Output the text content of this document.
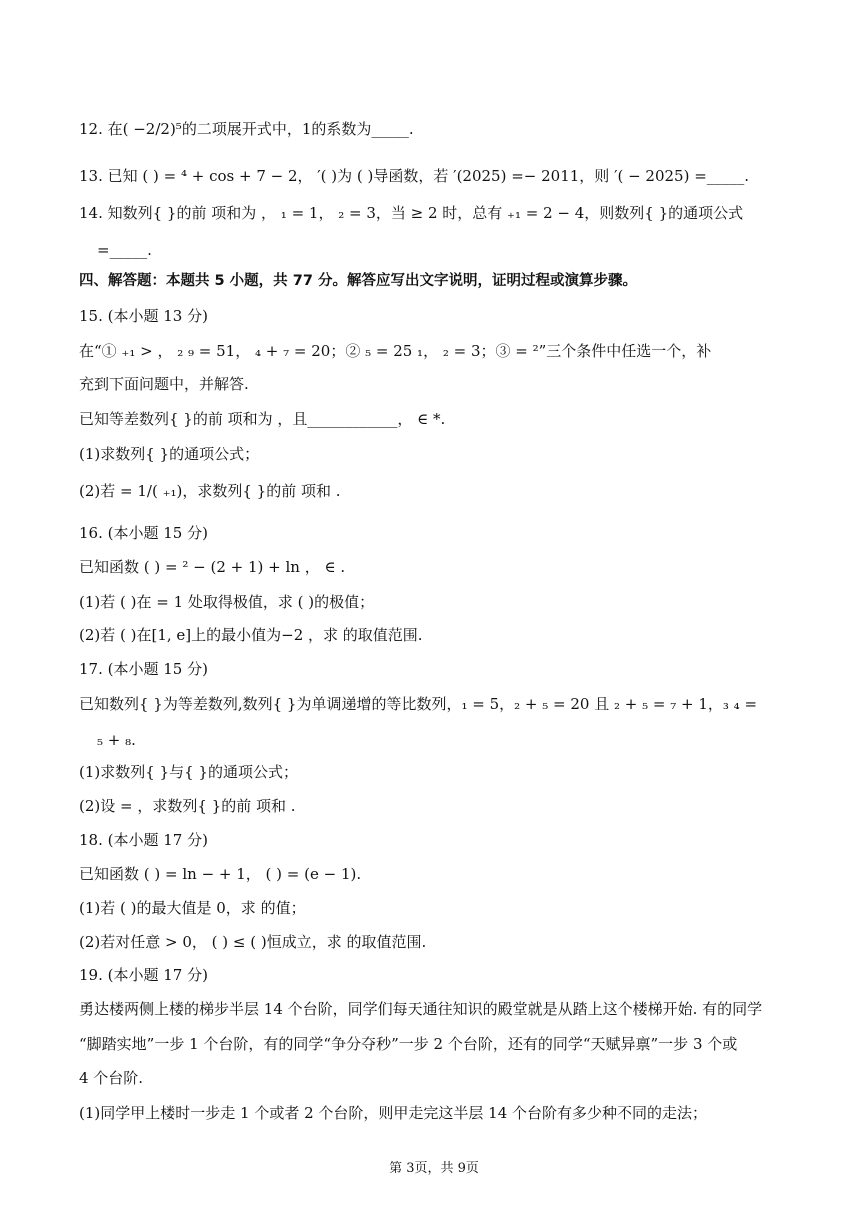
12. 在( −2/2)⁵的二项展开式中，1的系数为_____.
13. 已知 ( ) = ⁴ + cos + 7 − 2， ′( )为 ( )导函数，若 ′(2025) =− 2011，则 ′( − 2025) =_____.
14. 知数列{ }的前 项和为 ， ₁ = 1， ₂ = 3，当 ≥ 2 时，总有 ₊₁ = 2 − 4，则数列{ }的通项公式
=_____.
四、解答题：本题共 5 小题，共 77 分。解答应写出文字说明，证明过程或演算步骤。
15. (本小题 13 分)
在“① ₊₁ > ， ₂ ₉ = 51， ₄ + ₇ = 20；② ₅ = 25 ₁， ₂ = 3；③ = ²”三个条件中任选一个，补
充到下面问题中，并解答.
已知等差数列{ }的前 项和为 ，且____________， ∈ *.
(1)求数列{ }的通项公式；
(2)若 = 1/( ₊₁)，求数列{ }的前 项和 .
16. (本小题 15 分)
已知函数 ( ) = ² − (2 + 1) + ln ， ∈ .
(1)若 ( )在 = 1 处取得极值，求 ( )的极值；
(2)若 ( )在[1, e]上的最小值为−2 ，求 的取值范围.
17. (本小题 15 分)
已知数列{ }为等差数列,数列{ }为单调递增的等比数列，₁ = 5，₂ + ₅ = 20 且 ₂ + ₅ = ₇ + 1，₃ ₄ =
₅ + ₈.
(1)求数列{ }与{ }的通项公式；
(2)设 = ，求数列{ }的前 项和 .
18. (本小题 17 分)
已知函数 ( ) = ln − + 1， ( ) = (e − 1).
(1)若 ( )的最大值是 0，求 的值；
(2)若对任意 > 0， ( ) ≤ ( )恒成立，求 的取值范围.
19. (本小题 17 分)
勇达楼两侧上楼的梯步半层 14 个台阶，同学们每天通往知识的殿堂就是从踏上这个楼梯开始. 有的同学
“脚踏实地”一步 1 个台阶，有的同学“争分夺秒”一步 2 个台阶，还有的同学“天赋异禀”一步 3 个或
4 个台阶.
(1)同学甲上楼时一步走 1 个或者 2 个台阶，则甲走完这半层 14 个台阶有多少种不同的走法；
第 3页，共 9页
